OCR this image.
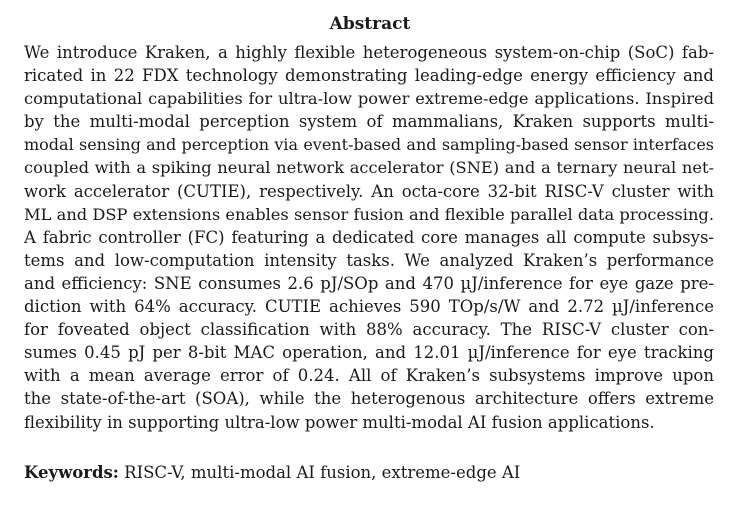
Abstract
We introduce Kraken, a highly flexible heterogeneous system-on-chip (SoC) fab-
ricated in 22 FDX technology demonstrating leading-edge energy efficiency and
computational capabilities for ultra-low power extreme-edge applications. Inspired
by the multi-modal perception system of mammalians, Kraken supports multi-
modal sensing and perception via event-based and sampling-based sensor interfaces
coupled with a spiking neural network accelerator (SNE) and a ternary neural net-
work accelerator (CUTIE), respectively. An octa-core 32-bit RISC-V cluster with
ML and DSP extensions enables sensor fusion and flexible parallel data processing.
A fabric controller (FC) featuring a dedicated core manages all compute subsys-
tems and low-computation intensity tasks. We analyzed Kraken’s performance
and efficiency: SNE consumes 2.6 pJ/SOp and 470 µJ/inference for eye gaze pre-
diction with 64% accuracy. CUTIE achieves 590 TOp/s/W and 2.72 µJ/inference
for foveated object classification with 88% accuracy. The RISC-V cluster con-
sumes 0.45 pJ per 8-bit MAC operation, and 12.01 µJ/inference for eye tracking
with a mean average error of 0.24. All of Kraken’s subsystems improve upon
the state-of-the-art (SOA), while the heterogenous architecture offers extreme
flexibility in supporting ultra-low power multi-modal AI fusion applications.
Keywords: RISC-V, multi-modal AI fusion, extreme-edge AI
